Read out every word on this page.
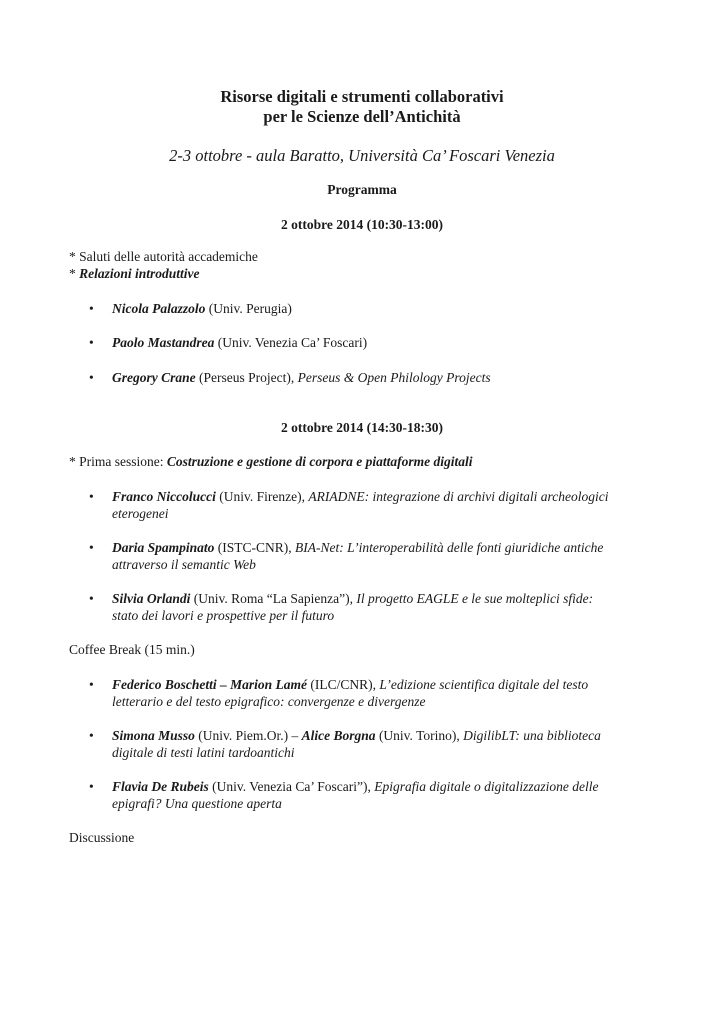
Risorse digitali e strumenti collaborativi
per le Scienze dell’Antichità
2-3 ottobre - aula Baratto, Università Ca’ Foscari Venezia
Programma
2 ottobre 2014 (10:30-13:00)
* Saluti delle autorità accademiche
* Relazioni introduttive
• Nicola Palazzolo (Univ. Perugia)
• Paolo Mastandrea (Univ. Venezia Ca’ Foscari)
• Gregory Crane (Perseus Project), Perseus & Open Philology Projects
2 ottobre 2014 (14:30-18:30)
* Prima sessione: Costruzione e gestione di corpora e piattaforme digitali
• Franco Niccolucci (Univ. Firenze), ARIADNE: integrazione di archivi digitali archeologici
eterogenei
• Daria Spampinato (ISTC-CNR), BIA-Net: L’interoperabilità delle fonti giuridiche antiche
attraverso il semantic Web
• Silvia Orlandi (Univ. Roma “La Sapienza”), Il progetto EAGLE e le sue molteplici sfide:
stato dei lavori e prospettive per il futuro
Coffee Break (15 min.)
• Federico Boschetti – Marion Lamé (ILC/CNR), L’edizione scientifica digitale del testo
letterario e del testo epigrafico: convergenze e divergenze
• Simona Musso (Univ. Piem.Or.) – Alice Borgna (Univ. Torino), DigilibLT: una biblioteca
digitale di testi latini tardoantichi
• Flavia De Rubeis (Univ. Venezia Ca’ Foscari”), Epigrafia digitale o digitalizzazione delle
epigrafi? Una questione aperta
Discussione
